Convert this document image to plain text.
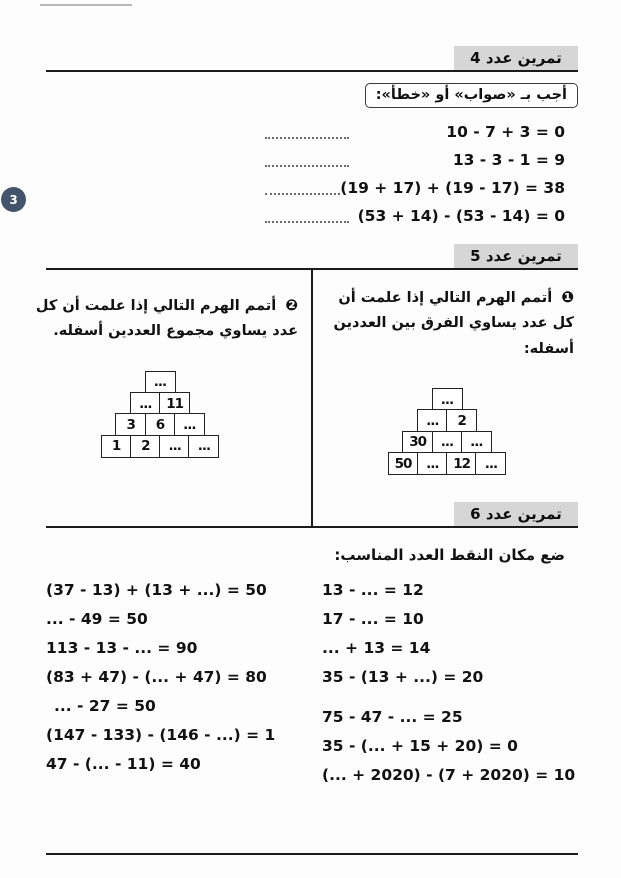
تمرين عدد 4
أجب بـ «صواب» أو «خطأ»:
10 - 7 + 3 = 0
13 - 3 - 1 = 9
(19 + 17) + (19 - 17) = 38
(53 + 14) - (53 - 14) = 0
3
تمرين عدد 5
❶ أتمم الهرم التالي إذا علمت أن كل عدد يساوي الفرق بين العددين أسفله:
...
...	2
30	...	...
50	...	12	...
❷ أتمم الهرم التالي إذا علمت أن كل عدد يساوي مجموع العددين أسفله.
...
...	11
3	6	...
1	2	...	...
تمرين عدد 6
ضع مكان النقط العدد المناسب:
13 - ... = 12
17 - ... = 10
... + 13 = 14
35 - (13 + ...) = 20
75 - 47 - ... = 25
35 - (... + 15 + 20) = 0
(... + 2020) - (7 + 2020) = 10
(37 - 13) + (13 + ...) = 50
... - 49 = 50
113 - 13 - ... = 90
(83 + 47) - (... + 47) = 80
... - 27 = 50
(147 - 133) - (146 - ...) = 1
47 - (... - 11) = 40
